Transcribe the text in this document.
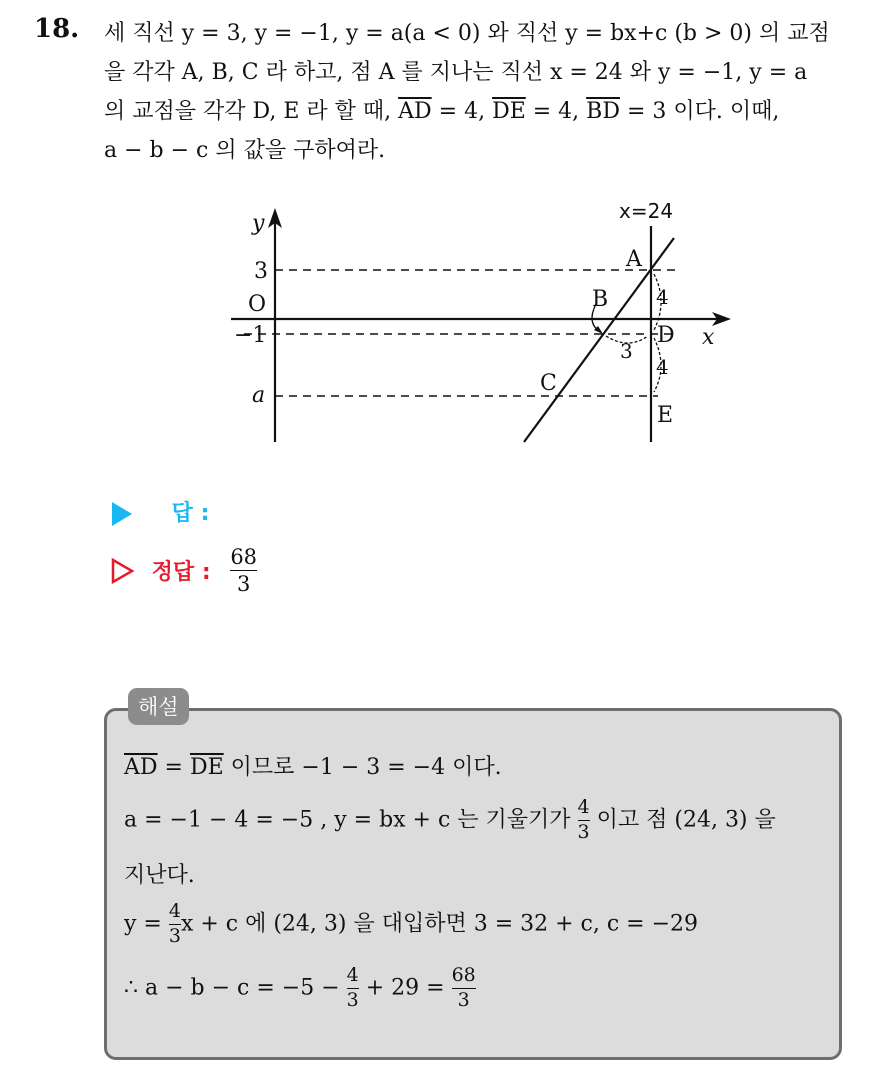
18. 세 직선 y = 3, y = −1, y = a(a < 0) 와 직선 y = bx+c (b > 0) 의 교점

을 각각 A, B, C 라 하고, 점 A 를 지나는 직선 x = 24 와 y = −1, y = a

의 교점을 각각 D, E 라 할 때, $\overline{AD} = 4$, $\overline{DE} = 4$, $\overline{BD} = 3$ 이다. 이때,

a − b − c 의 값을 구하여라.

y
x
x=24
O
3
−1
a
A
B
C
D
E
4
4
3
답 :
정답 : $\frac{68}{3}$
해설
$\overline{AD} = \overline{DE}$ 이므로 −1 − 3 = −4 이다.
a = −1 − 4 = −5 , y = bx + c 는 기울기가 $\frac{4}{3}$ 이고 점 (24, 3) 을
지난다.
$y = \frac{4}{3}$ x + c 에 (24, 3) 을 대입하면 3 = 32 + c, c = −29
∴ $a - b - c = -5 - \frac{4}{3} + 29 = \frac{68}{3}$
